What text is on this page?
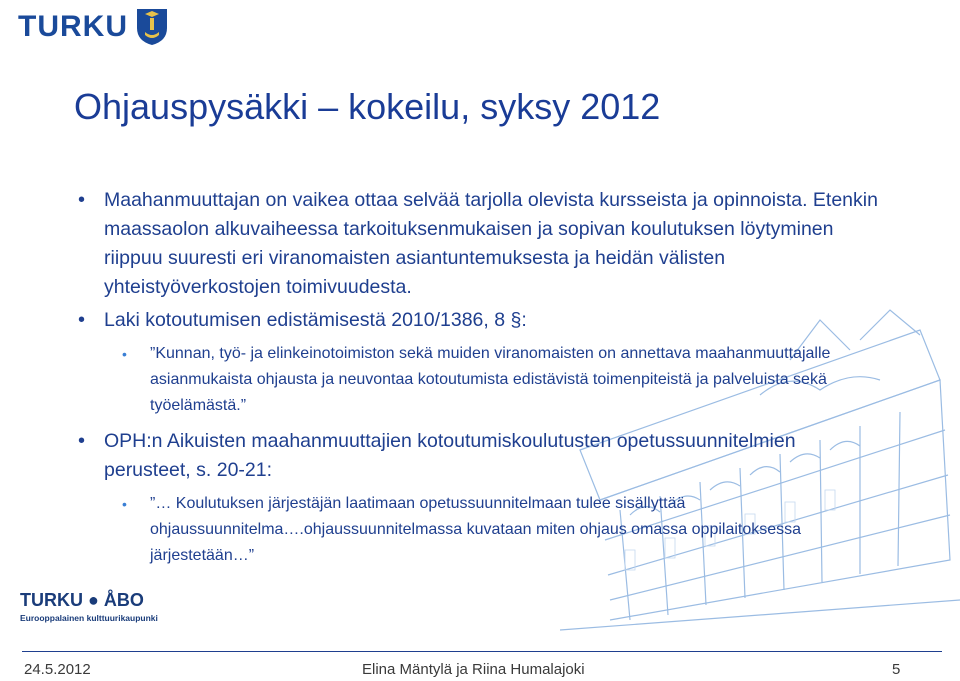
TURKU
Ohjauspysäkki – kokeilu, syksy 2012
• Maahanmuuttajan on vaikea ottaa selvää tarjolla olevista kursseista ja opinnoista. Etenkin maassaolon alkuvaiheessa tarkoituksenmukaisen ja sopivan koulutuksen löytyminen riippuu suuresti eri viranomaisten asiantuntemuksesta ja heidän välisten yhteistyöverkostojen toimivuudesta.
• Laki kotoutumisen edistämisestä 2010/1386, 8 §:
• ”Kunnan, työ- ja elinkeinotoimiston sekä muiden viranomaisten on annettava maahanmuuttajalle asianmukaista ohjausta ja neuvontaa kotoutumista edistävistä toimenpiteistä ja palveluista sekä työelämästä.”
• OPH:n Aikuisten maahanmuuttajien kotoutumiskoulutusten opetussuunnitelmien perusteet, s. 20-21:
• ”… Koulutuksen järjestäjän laatimaan opetussuunnitelmaan tulee sisällyttää ohjaussuunnitelma….ohjaussuunnitelmassa kuvataan miten ohjaus omassa oppilaitoksessa järjestetään…”
TURKU ● ÅBO
Eurooppalainen kulttuurikaupunki
24.5.2012	Elina Mäntylä ja Riina Humalajoki	5
